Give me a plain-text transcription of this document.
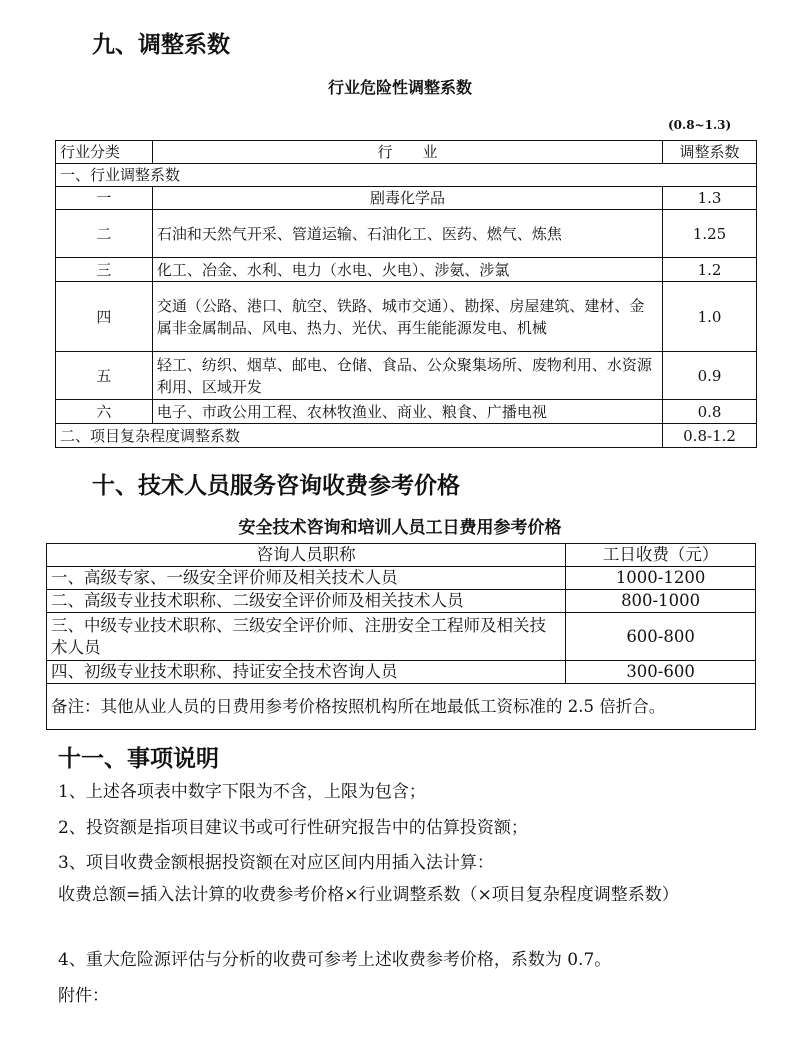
九、调整系数
行业危险性调整系数
(0.8~1.3)
行业分类	行　　业	调整系数
一、行业调整系数		
一	剧毒化学品	1.3
二	石油和天然气开采、管道运输、石油化工、医药、燃气、炼焦	1.25
三	化工、冶金、水利、电力（水电、火电）、涉氨、涉氯	1.2
四	交通（公路、港口、航空、铁路、城市交通）、勘探、房屋建筑、建材、金属非金属制品、风电、热力、光伏、再生能能源发电、机械	1.0
五	轻工、纺织、烟草、邮电、仓储、食品、公众聚集场所、废物利用、水资源利用、区域开发	0.9
六	电子、市政公用工程、农林牧渔业、商业、粮食、广播电视	0.8
二、项目复杂程度调整系数		0.8-1.2
十、技术人员服务咨询收费参考价格
安全技术咨询和培训人员工日费用参考价格
咨询人员职称	工日收费（元）
一、高级专家、一级安全评价师及相关技术人员	1000-1200
二、高级专业技术职称、二级安全评价师及相关技术人员	800-1000
三、中级专业技术职称、三级安全评价师、注册安全工程师及相关技术人员	600-800
四、初级专业技术职称、持证安全技术咨询人员	300-600
备注：其他从业人员的日费用参考价格按照机构所在地最低工资标准的 2.5 倍折合。	
十一、事项说明
1、上述各项表中数字下限为不含，上限为包含；
2、投资额是指项目建议书或可行性研究报告中的估算投资额；
3、项目收费金额根据投资额在对应区间内用插入法计算：
收费总额=插入法计算的收费参考价格×行业调整系数（×项目复杂程度调整系数）
4、重大危险源评估与分析的收费可参考上述收费参考价格，系数为 0.7。
附件：
